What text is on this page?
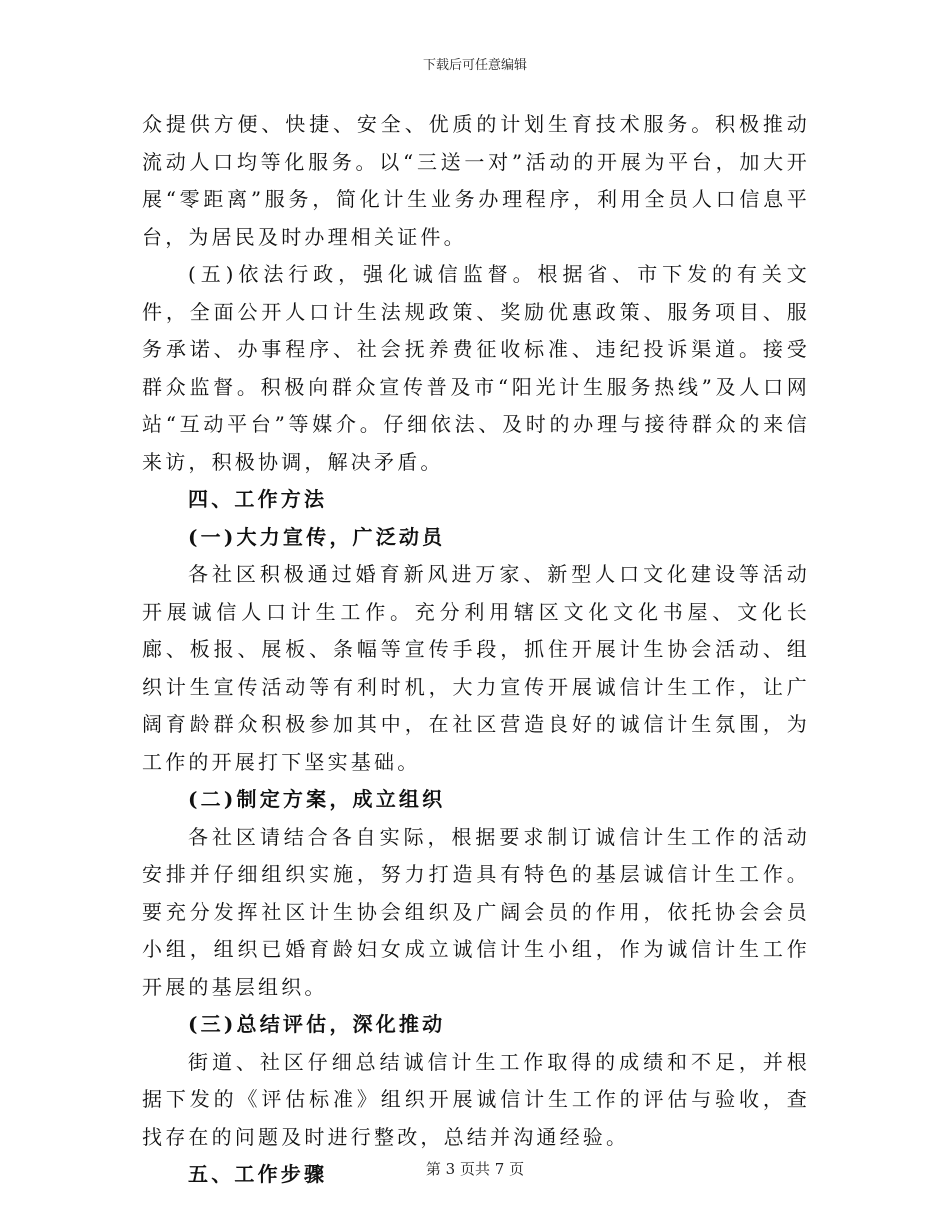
下载后可任意编辑

众提供方便、快捷、安全、优质的计划生育技术服务。积极推动流动人口均等化服务。以“三送一对”活动的开展为平台，加大开展“零距离”服务，简化计生业务办理程序，利用全员人口信息平台，为居民及时办理相关证件。

(五)依法行政，强化诚信监督。根据省、市下发的有关文件，全面公开人口计生法规政策、奖励优惠政策、服务项目、服务承诺、办事程序、社会抚养费征收标准、违纪投诉渠道。接受群众监督。积极向群众宣传普及市“阳光计生服务热线”及人口网站“互动平台”等媒介。仔细依法、及时的办理与接待群众的来信来访，积极协调，解决矛盾。

四、工作方法

(一)大力宣传，广泛动员

各社区积极通过婚育新风进万家、新型人口文化建设等活动开展诚信人口计生工作。充分利用辖区文化文化书屋、文化长廊、板报、展板、条幅等宣传手段，抓住开展计生协会活动、组织计生宣传活动等有利时机，大力宣传开展诚信计生工作，让广阔育龄群众积极参加其中，在社区营造良好的诚信计生氛围，为工作的开展打下坚实基础。

(二)制定方案，成立组织

各社区请结合各自实际，根据要求制订诚信计生工作的活动安排并仔细组织实施，努力打造具有特色的基层诚信计生工作。要充分发挥社区计生协会组织及广阔会员的作用，依托协会会员小组，组织已婚育龄妇女成立诚信计生小组，作为诚信计生工作开展的基层组织。

(三)总结评估，深化推动

街道、社区仔细总结诚信计生工作取得的成绩和不足，并根据下发的《评估标准》组织开展诚信计生工作的评估与验收，查找存在的问题及时进行整改，总结并沟通经验。

五、工作步骤	第 3 页共 7 页
